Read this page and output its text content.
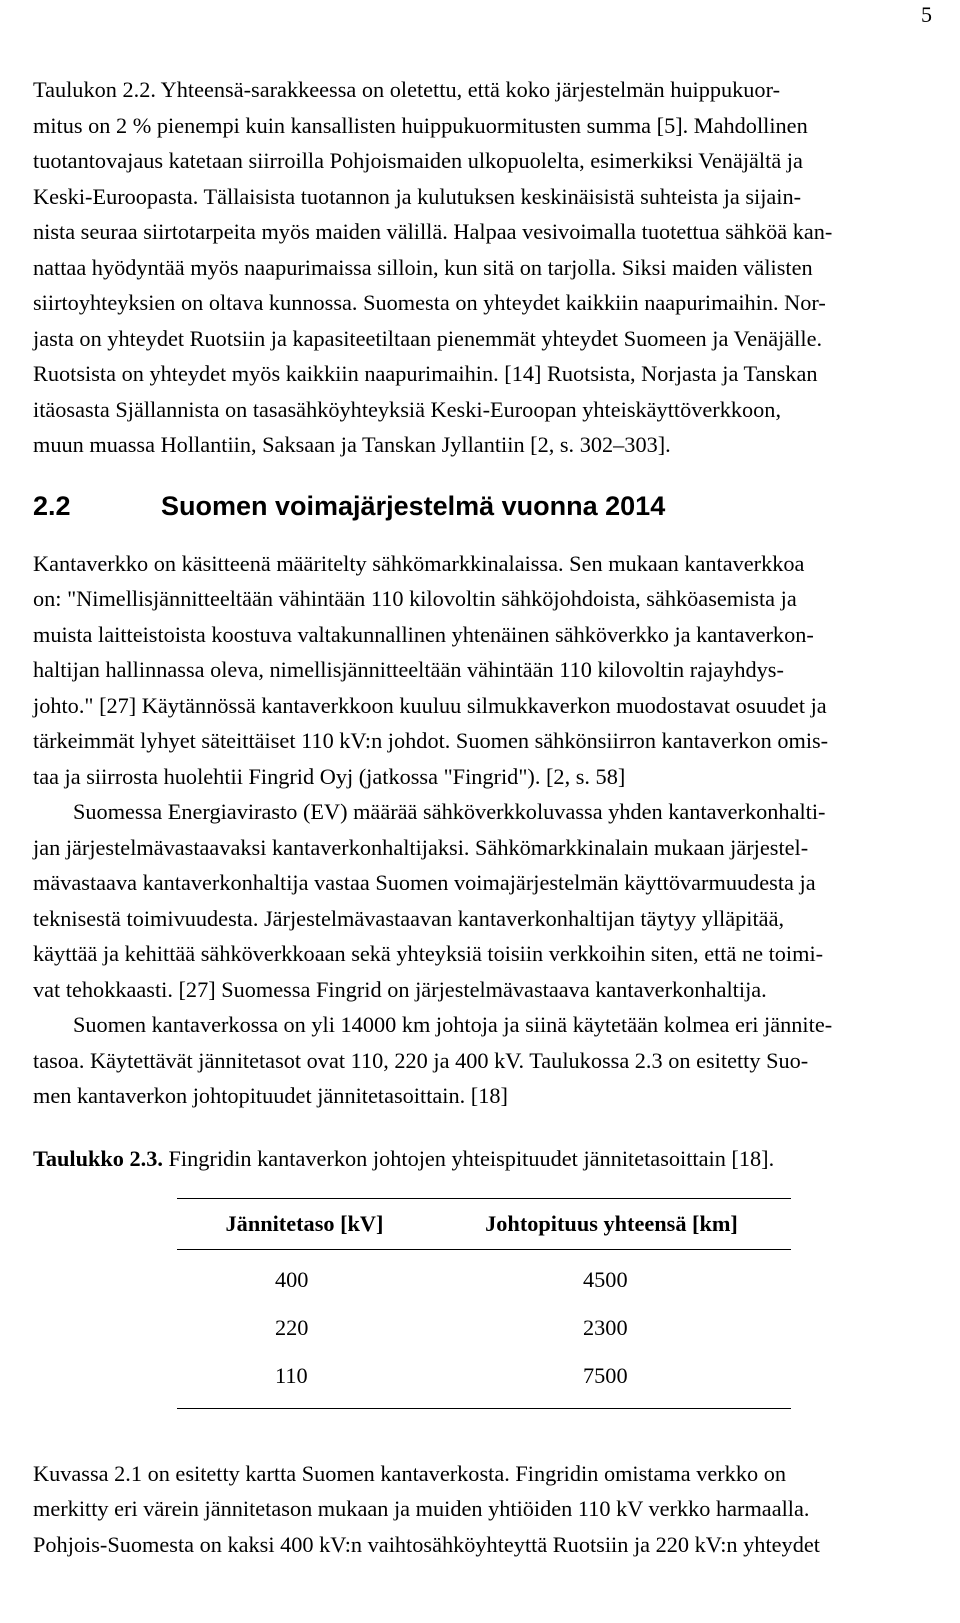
5

Taulukon 2.2. Yhteensä-sarakkeessa on oletettu, että koko järjestelmän huippukuor-
mitus on 2 % pienempi kuin kansallisten huippukuormitusten summa [5]. Mahdollinen
tuotantovajaus katetaan siirroilla Pohjoismaiden ulkopuolelta, esimerkiksi Venäjältä ja
Keski-Euroopasta. Tällaisista tuotannon ja kulutuksen keskinäisistä suhteista ja sijain-
nista seuraa siirtotarpeita myös maiden välillä. Halpaa vesivoimalla tuotettua sähköä kan-
nattaa hyödyntää myös naapurimaissa silloin, kun sitä on tarjolla. Siksi maiden välisten
siirtoyhteyksien on oltava kunnossa. Suomesta on yhteydet kaikkiin naapurimaihin. Nor-
jasta on yhteydet Ruotsiin ja kapasiteetiltaan pienemmät yhteydet Suomeen ja Venäjälle.
Ruotsista on yhteydet myös kaikkiin naapurimaihin. [14] Ruotsista, Norjasta ja Tanskan
itäosasta Själlannista on tasasähköyhteyksiä Keski-Euroopan yhteiskäyttöverkkoon,
muun muassa Hollantiin, Saksaan ja Tanskan Jyllantiin [2, s. 302–303].

2.2	Suomen voimajärjestelmä vuonna 2014

Kantaverkko on käsitteenä määritelty sähkömarkkinalaissa. Sen mukaan kantaverkkoa
on: "Nimellisjännitteeltään vähintään 110 kilovoltin sähköjohdoista, sähköasemista ja
muista laitteistoista koostuva valtakunnallinen yhtenäinen sähköverkko ja kantaverkon-
haltijan hallinnassa oleva, nimellisjännitteeltään vähintään 110 kilovoltin rajayhdys-
johto." [27] Käytännössä kantaverkkoon kuuluu silmukkaverkon muodostavat osuudet ja
tärkeimmät lyhyet säteittäiset 110 kV:n johdot. Suomen sähkönsiirron kantaverkon omis-
taa ja siirrosta huolehtii Fingrid Oyj (jatkossa "Fingrid"). [2, s. 58]

Suomessa Energiavirasto (EV) määrää sähköverkkoluvassa yhden kantaverkonhalti-
jan järjestelmävastaavaksi kantaverkonhaltijaksi. Sähkömarkkinalain mukaan järjestel-
mävastaava kantaverkonhaltija vastaa Suomen voimajärjestelmän käyttövarmuudesta ja
teknisestä toimivuudesta. Järjestelmävastaavan kantaverkonhaltijan täytyy ylläpitää,
käyttää ja kehittää sähköverkkoaan sekä yhteyksiä toisiin verkkoihin siten, että ne toimi-
vat tehokkaasti. [27] Suomessa Fingrid on järjestelmävastaava kantaverkonhaltija.

Suomen kantaverkossa on yli 14000 km johtoja ja siinä käytetään kolmea eri jännite-
tasoa. Käytettävät jännitetasot ovat 110, 220 ja 400 kV. Taulukossa 2.3 on esitetty Suo-
men kantaverkon johtopituudet jännitetasoittain. [18]

Taulukko 2.3. Fingridin kantaverkon johtojen yhteispituudet jännitetasoittain [18].

Jännitetaso [kV]	Johtopituus yhteensä [km]
400	4500
220	2300
110	7500

Kuvassa 2.1 on esitetty kartta Suomen kantaverkosta. Fingridin omistama verkko on
merkitty eri värein jännitetason mukaan ja muiden yhtiöiden 110 kV verkko harmaalla.
Pohjois-Suomesta on kaksi 400 kV:n vaihtosähköyhteyttä Ruotsiin ja 220 kV:n yhteydet
